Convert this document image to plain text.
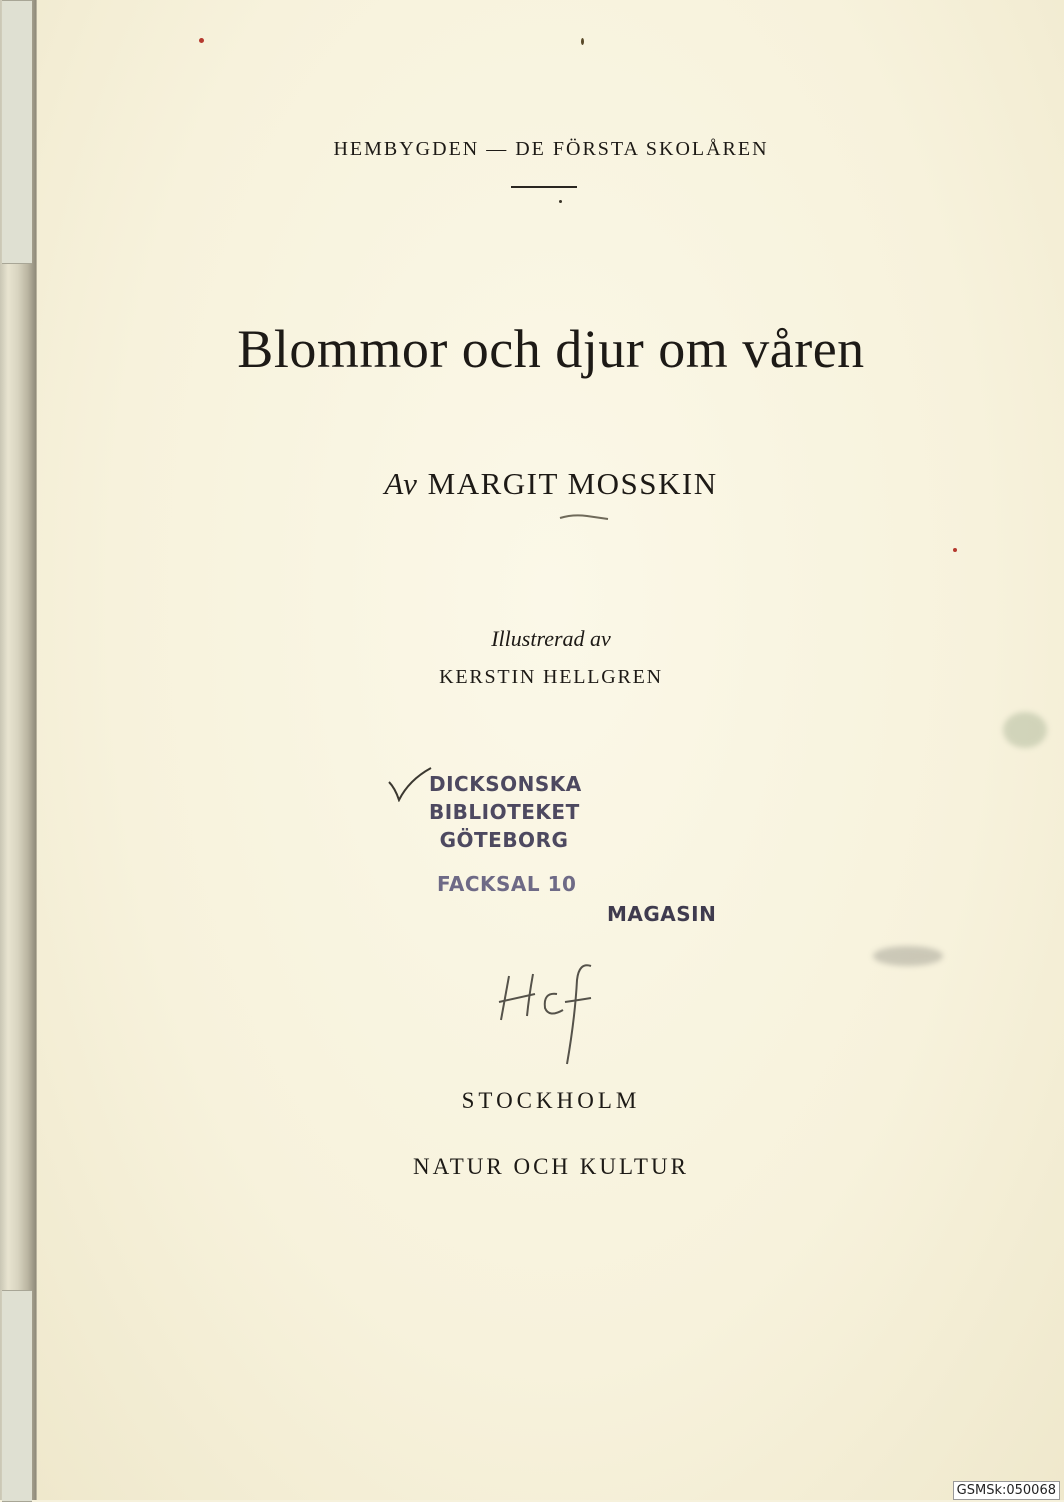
HEMBYGDEN — DE FÖRSTA SKOLÅREN
Blommor och djur om våren
Av MARGIT MOSSKIN
Illustrerad av
KERSTIN HELLGREN
DICKSONSKA
BIBLIOTEKET
GÖTEBORG
FACKSAL 10
MAGASIN
STOCKHOLM
NATUR OCH KULTUR
GSMSk:050068
